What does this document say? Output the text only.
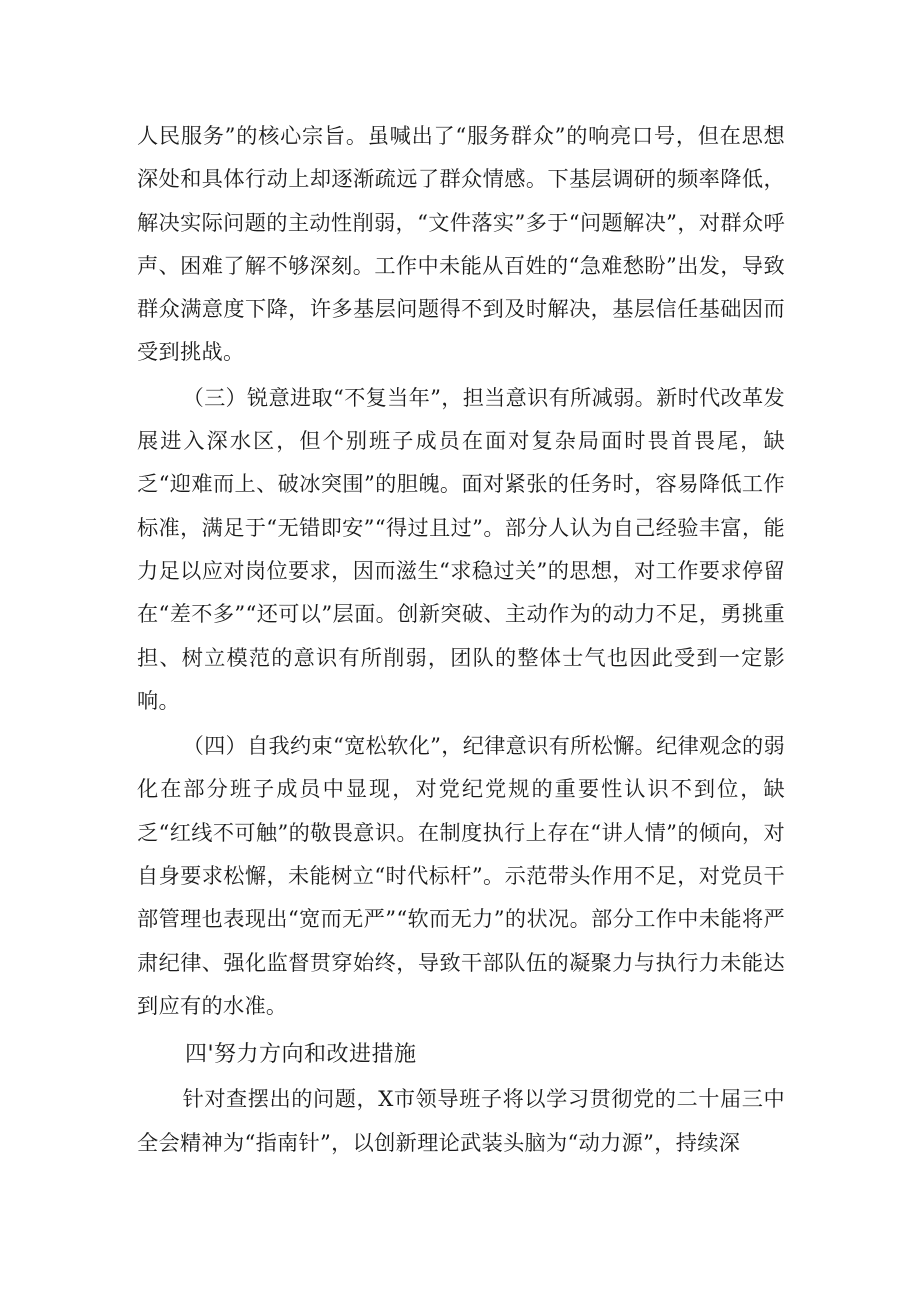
人民服务”的核心宗旨。虽喊出了“服务群众”的响亮口号，但在思想深处和具体行动上却逐渐疏远了群众情感。下基层调研的频率降低，解决实际问题的主动性削弱，“文件落实”多于“问题解决”，对群众呼声、困难了解不够深刻。工作中未能从百姓的“急难愁盼”出发，导致群众满意度下降，许多基层问题得不到及时解决，基层信任基础因而受到挑战。

（三）锐意进取“不复当年”，担当意识有所减弱。新时代改革发展进入深水区，但个别班子成员在面对复杂局面时畏首畏尾，缺乏“迎难而上、破冰突围”的胆魄。面对紧张的任务时，容易降低工作标准，满足于“无错即安”“得过且过”。部分人认为自己经验丰富，能力足以应对岗位要求，因而滋生“求稳过关”的思想，对工作要求停留在“差不多”“还可以”层面。创新突破、主动作为的动力不足，勇挑重担、树立模范的意识有所削弱，团队的整体士气也因此受到一定影响。

（四）自我约束“宽松软化”，纪律意识有所松懈。纪律观念的弱化在部分班子成员中显现，对党纪党规的重要性认识不到位，缺乏“红线不可触”的敬畏意识。在制度执行上存在“讲人情”的倾向，对自身要求松懈，未能树立“时代标杆”。示范带头作用不足，对党员干部管理也表现出“宽而无严”“软而无力”的状况。部分工作中未能将严肃纪律、强化监督贯穿始终，导致干部队伍的凝聚力与执行力未能达到应有的水准。

四'努力方向和改进措施

针对查摆出的问题，X市领导班子将以学习贯彻党的二十届三中全会精神为“指南针”，以创新理论武装头脑为“动力源”，持续深
